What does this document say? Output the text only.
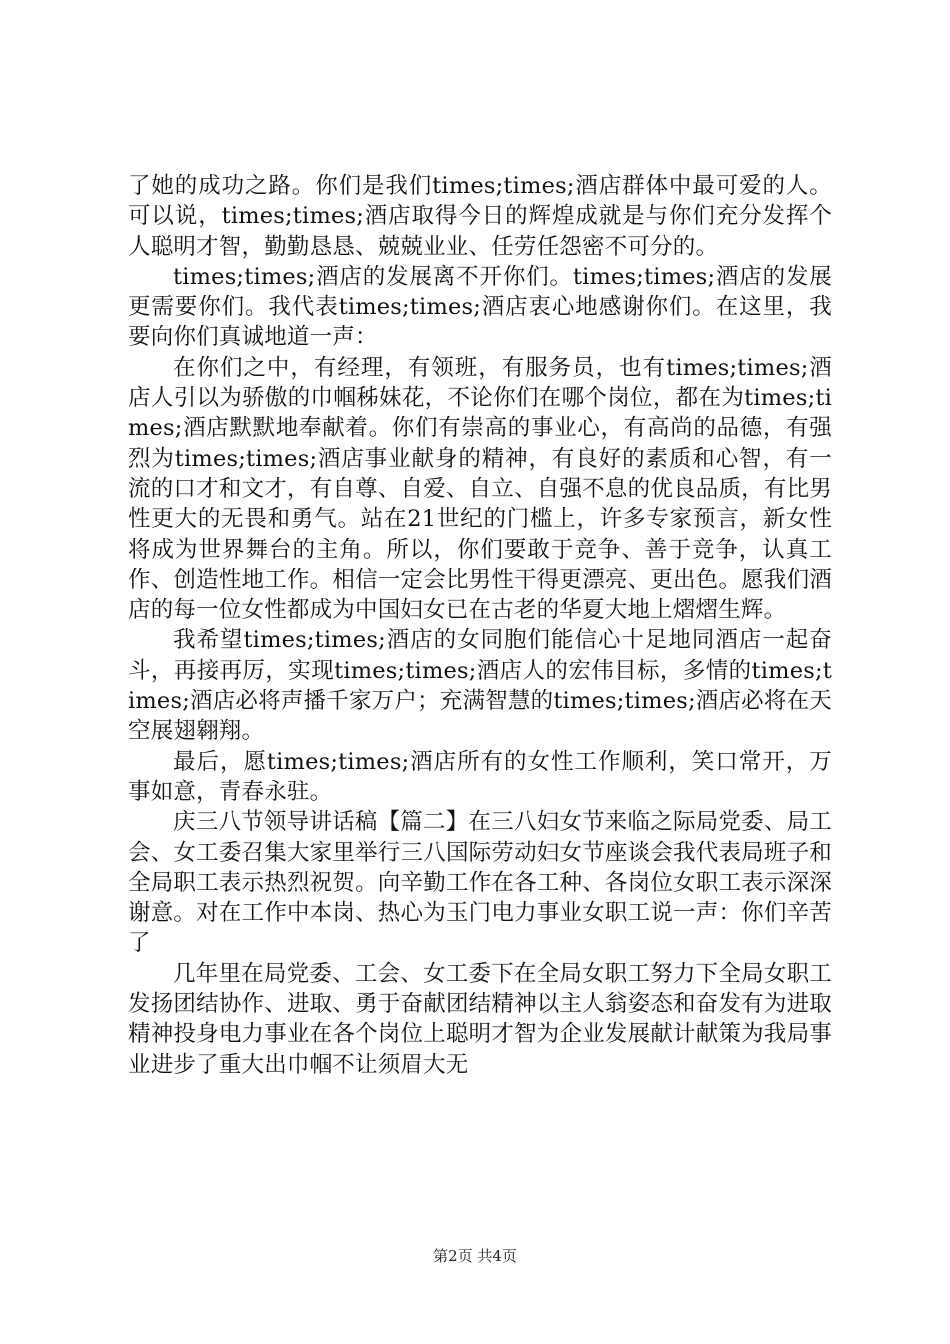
了她的成功之路。你们是我们times;times;酒店群体中最可爱的人。可以说，times;times;酒店取得今日的辉煌成就是与你们充分发挥个人聪明才智，勤勤恳恳、兢兢业业、任劳任怨密不可分的。

times;times;酒店的发展离不开你们。times;times;酒店的发展更需要你们。我代表times;times;酒店衷心地感谢你们。在这里，我要向你们真诚地道一声：

在你们之中，有经理，有领班，有服务员，也有times;times;酒店人引以为骄傲的巾帼秭妹花，不论你们在哪个岗位，都在为times;times;酒店默默地奉献着。你们有崇高的事业心，有高尚的品德，有强烈为times;times;酒店事业献身的精神，有良好的素质和心智，有一流的口才和文才，有自尊、自爱、自立、自强不息的优良品质，有比男性更大的无畏和勇气。站在21世纪的门槛上，许多专家预言，新女性将成为世界舞台的主角。所以，你们要敢于竞争、善于竞争，认真工作、创造性地工作。相信一定会比男性干得更漂亮、更出色。愿我们酒店的每一位女性都成为中国妇女已在古老的华夏大地上熠熠生辉。

我希望times;times;酒店的女同胞们能信心十足地同酒店一起奋斗，再接再厉，实现times;times;酒店人的宏伟目标，多情的times;times;酒店必将声播千家万户；充满智慧的times;times;酒店必将在天空展翅翱翔。

最后，愿times;times;酒店所有的女性工作顺利，笑口常开，万事如意，青春永驻。

庆三八节领导讲话稿【篇二】在三八妇女节来临之际局党委、局工会、女工委召集大家里举行三八国际劳动妇女节座谈会我代表局班子和全局职工表示热烈祝贺。向辛勤工作在各工种、各岗位女职工表示深深谢意。对在工作中本岗、热心为玉门电力事业女职工说一声：你们辛苦了

几年里在局党委、工会、女工委下在全局女职工努力下全局女职工发扬团结协作、进取、勇于奋献团结精神以主人翁姿态和奋发有为进取精神投身电力事业在各个岗位上聪明才智为企业发展献计献策为我局事业进步了重大出巾帼不让须眉大无

第2页 共4页
